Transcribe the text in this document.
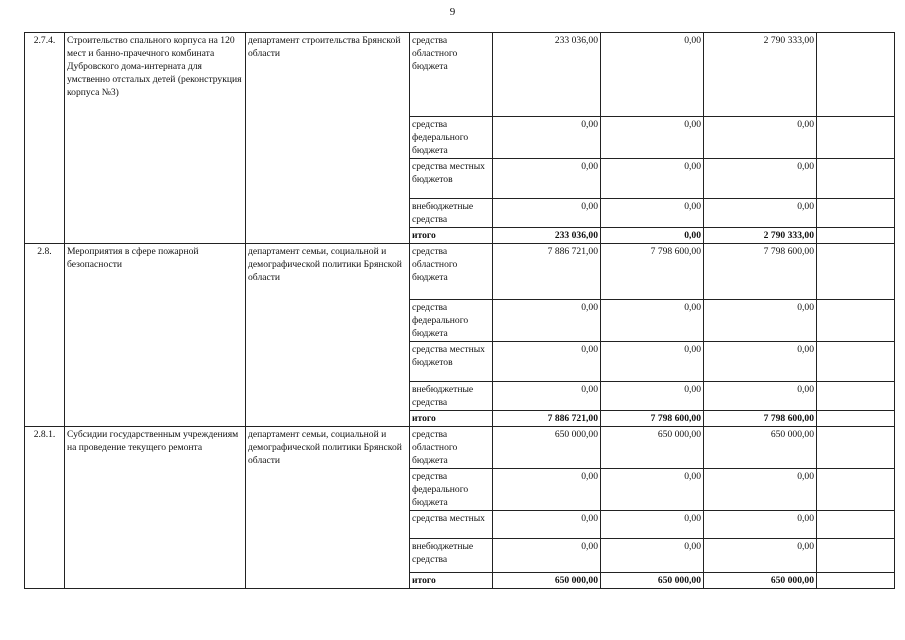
9
2.7.4.	Строительство спального корпуса на 120 мест и банно-прачечного комбината Дубровского дома-интерната для умственно отсталых детей (реконструкция корпуса №3)	департамент строительства Брянской области	средства областного бюджета	233 036,00	0,00	2 790 333,00	
			средства федерального бюджета	0,00	0,00	0,00	
			средства местных бюджетов	0,00	0,00	0,00	
			внебюджетные средства	0,00	0,00	0,00	
			итого	233 036,00	0,00	2 790 333,00	
2.8.	Мероприятия в сфере пожарной безопасности	департамент семьи, социальной и демографической политики Брянской области	средства областного бюджета	7 886 721,00	7 798 600,00	7 798 600,00	
			средства федерального бюджета	0,00	0,00	0,00	
			средства местных бюджетов	0,00	0,00	0,00	
			внебюджетные средства	0,00	0,00	0,00	
			итого	7 886 721,00	7 798 600,00	7 798 600,00	
2.8.1.	Субсидии государственным учреждениям на проведение текущего ремонта	департамент семьи, социальной и демографической политики Брянской области	средства областного бюджета	650 000,00	650 000,00	650 000,00	
			средства федерального бюджета	0,00	0,00	0,00	
			средства местных	0,00	0,00	0,00	
			внебюджетные средства	0,00	0,00	0,00	
			итого	650 000,00	650 000,00	650 000,00	
